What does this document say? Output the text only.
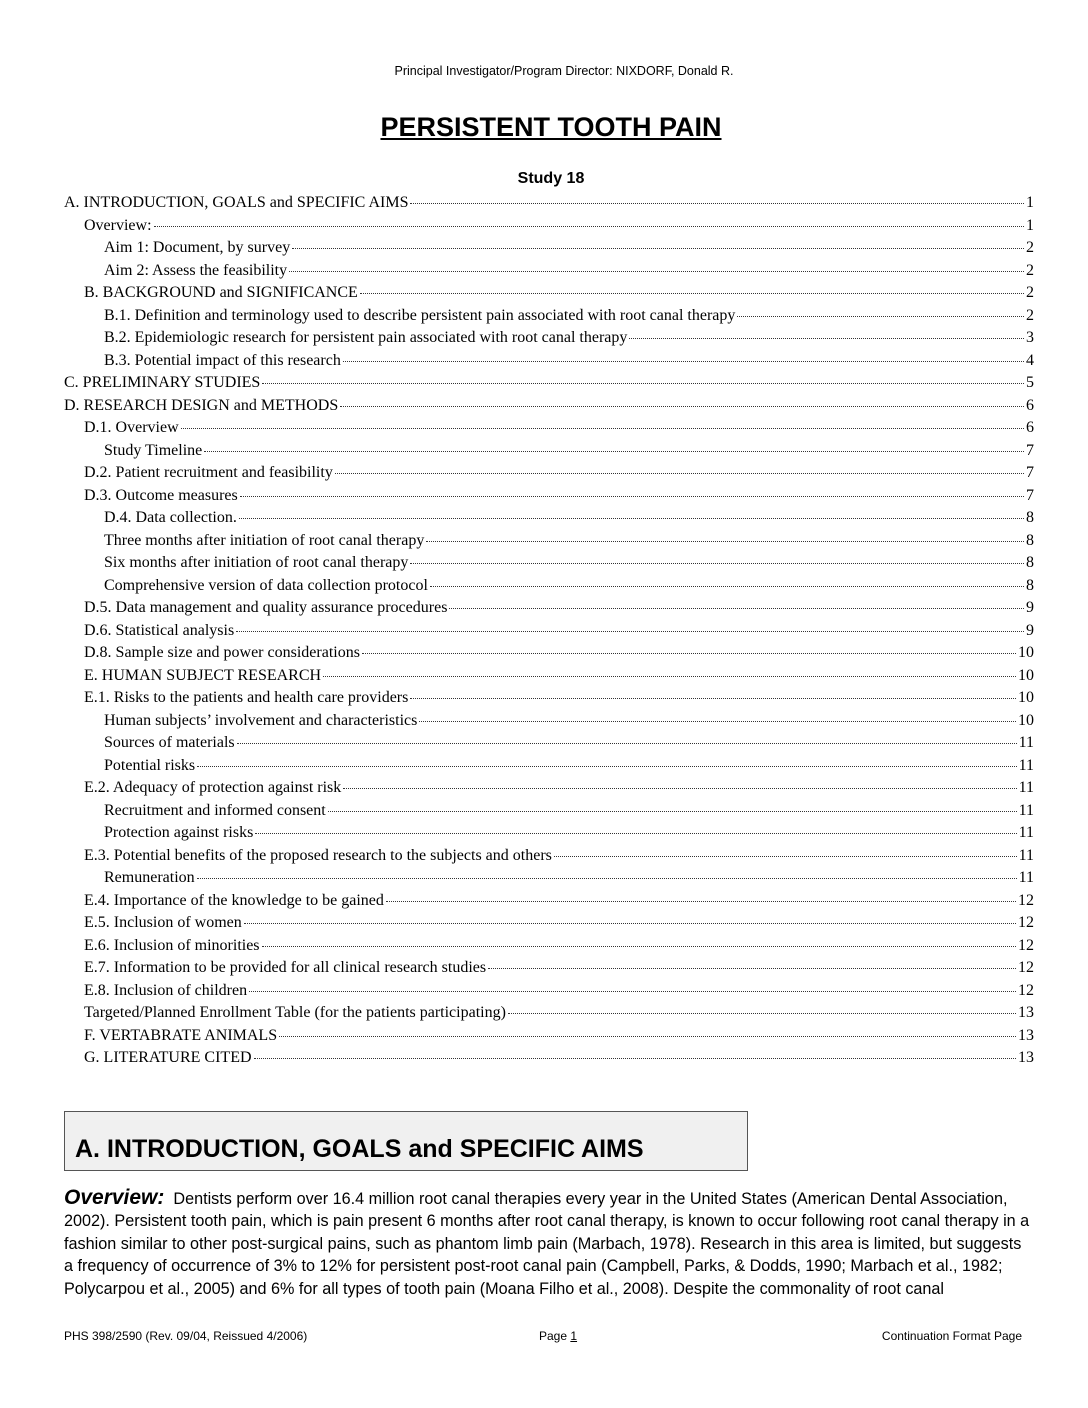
Principal Investigator/Program Director: NIXDORF, Donald R.
PERSISTENT TOOTH PAIN
Study 18
A. INTRODUCTION, GOALS and SPECIFIC AIMS	1
Overview:	1
Aim 1: Document, by survey	2
Aim 2: Assess the feasibility	2
B. BACKGROUND and SIGNIFICANCE	2
B.1. Definition and terminology used to describe persistent pain associated with root canal therapy	2
B.2. Epidemiologic research for persistent pain associated with root canal therapy	3
B.3. Potential impact of this research	4
C. PRELIMINARY STUDIES	5
D. RESEARCH DESIGN and METHODS	6
D.1. Overview	6
Study Timeline	7
D.2. Patient recruitment and feasibility	7
D.3. Outcome measures	7
D.4. Data collection.	8
Three months after initiation of root canal therapy	8
Six months after initiation of root canal therapy	8
Comprehensive version of data collection protocol	8
D.5. Data management and quality assurance procedures	9
D.6. Statistical analysis	9
D.8. Sample size and power considerations	10
E. HUMAN SUBJECT RESEARCH	10
E.1. Risks to the patients and health care providers	10
Human subjects’ involvement and characteristics	10
Sources of materials	11
Potential risks	11
E.2. Adequacy of protection against risk	11
Recruitment and informed consent	11
Protection against risks	11
E.3. Potential benefits of the proposed research to the subjects and others	11
Remuneration	11
E.4. Importance of the knowledge to be gained	12
E.5. Inclusion of women	12
E.6. Inclusion of minorities	12
E.7. Information to be provided for all clinical research studies	12
E.8. Inclusion of children	12
Targeted/Planned Enrollment Table (for the patients participating)	13
F. VERTABRATE ANIMALS	13
G. LITERATURE CITED	13
A. INTRODUCTION, GOALS and SPECIFIC AIMS

Overview: Dentists perform over 16.4 million root canal therapies every year in the United States (American Dental Association, 2002). Persistent tooth pain, which is pain present 6 months after root canal therapy, is known to occur following root canal therapy in a fashion similar to other post-surgical pains, such as phantom limb pain (Marbach, 1978). Research in this area is limited, but suggests a frequency of occurrence of 3% to 12% for persistent post-root canal pain (Campbell, Parks, & Dodds, 1990; Marbach et al., 1982; Polycarpou et al., 2005) and 6% for all types of tooth pain (Moana Filho et al., 2008). Despite the commonality of root canal

PHS 398/2590 (Rev. 09/04, Reissued 4/2006)	Page 1	Continuation Format Page
